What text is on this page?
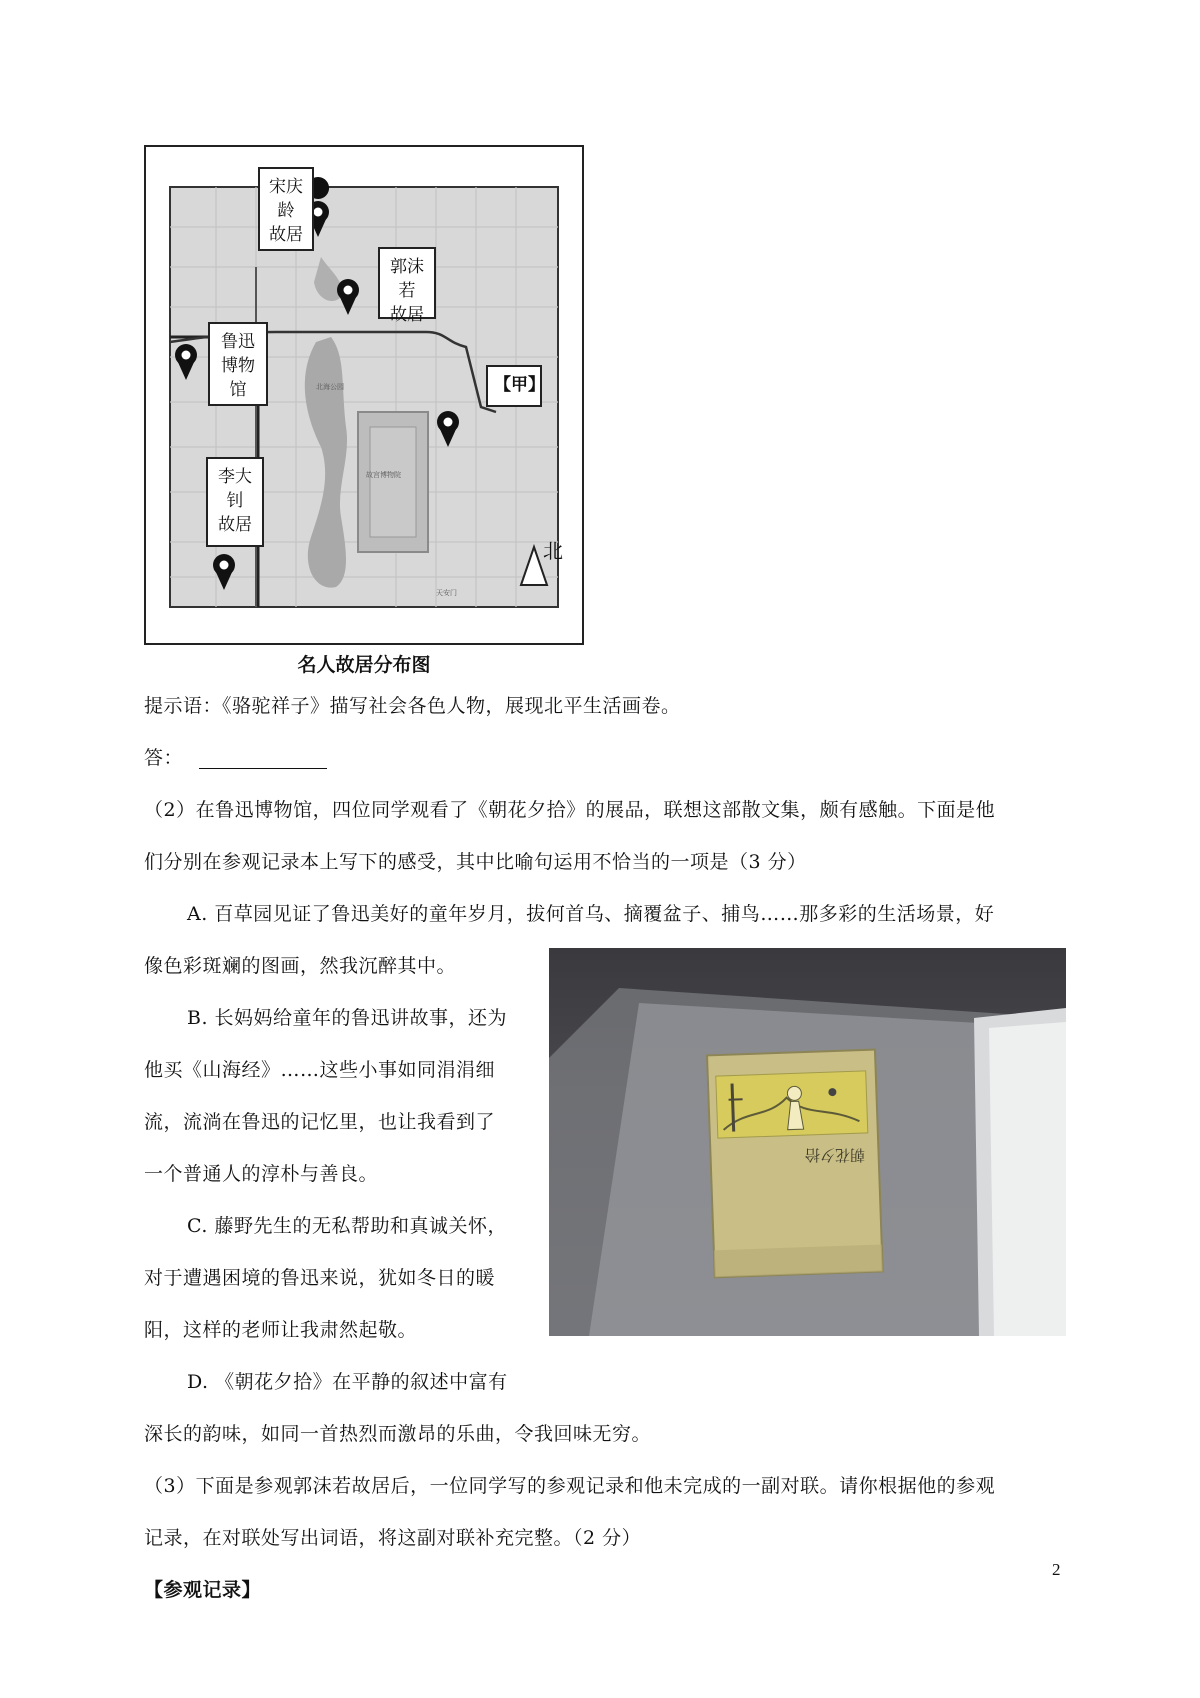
北海公园
故宫博物院
天安门
宋庆龄
故居
郭沫若
故居
鲁迅
博物馆	【甲】
李大钊
故居
北
名人故居分布图
提示语：《骆驼祥子》描写社会各色人物，展现北平生活画卷。
答：
（2）在鲁迅博物馆，四位同学观看了《朝花夕拾》的展品，联想这部散文集，颇有感触。下面是他
们分别在参观记录本上写下的感受，其中比喻句运用不恰当的一项是（3 分）
A. 百草园见证了鲁迅美好的童年岁月，拔何首乌、摘覆盆子、捕鸟……那多彩的生活场景，好
像色彩斑斓的图画，然我沉醉其中。
B. 长妈妈给童年的鲁迅讲故事，还为
他买《山海经》……这些小事如同涓涓细
流，流淌在鲁迅的记忆里，也让我看到了
一个普通人的淳朴与善良。
C. 藤野先生的无私帮助和真诚关怀，
对于遭遇困境的鲁迅来说，犹如冬日的暖
阳，这样的老师让我肃然起敬。
D. 《朝花夕拾》在平静的叙述中富有
深长的韵味，如同一首热烈而激昂的乐曲，令我回味无穷。
（3）下面是参观郭沫若故居后，一位同学写的参观记录和他未完成的一副对联。请你根据他的参观
记录，在对联处写出词语，将这副对联补充完整。（2 分）
【参观记录】
朝花夕拾
2
